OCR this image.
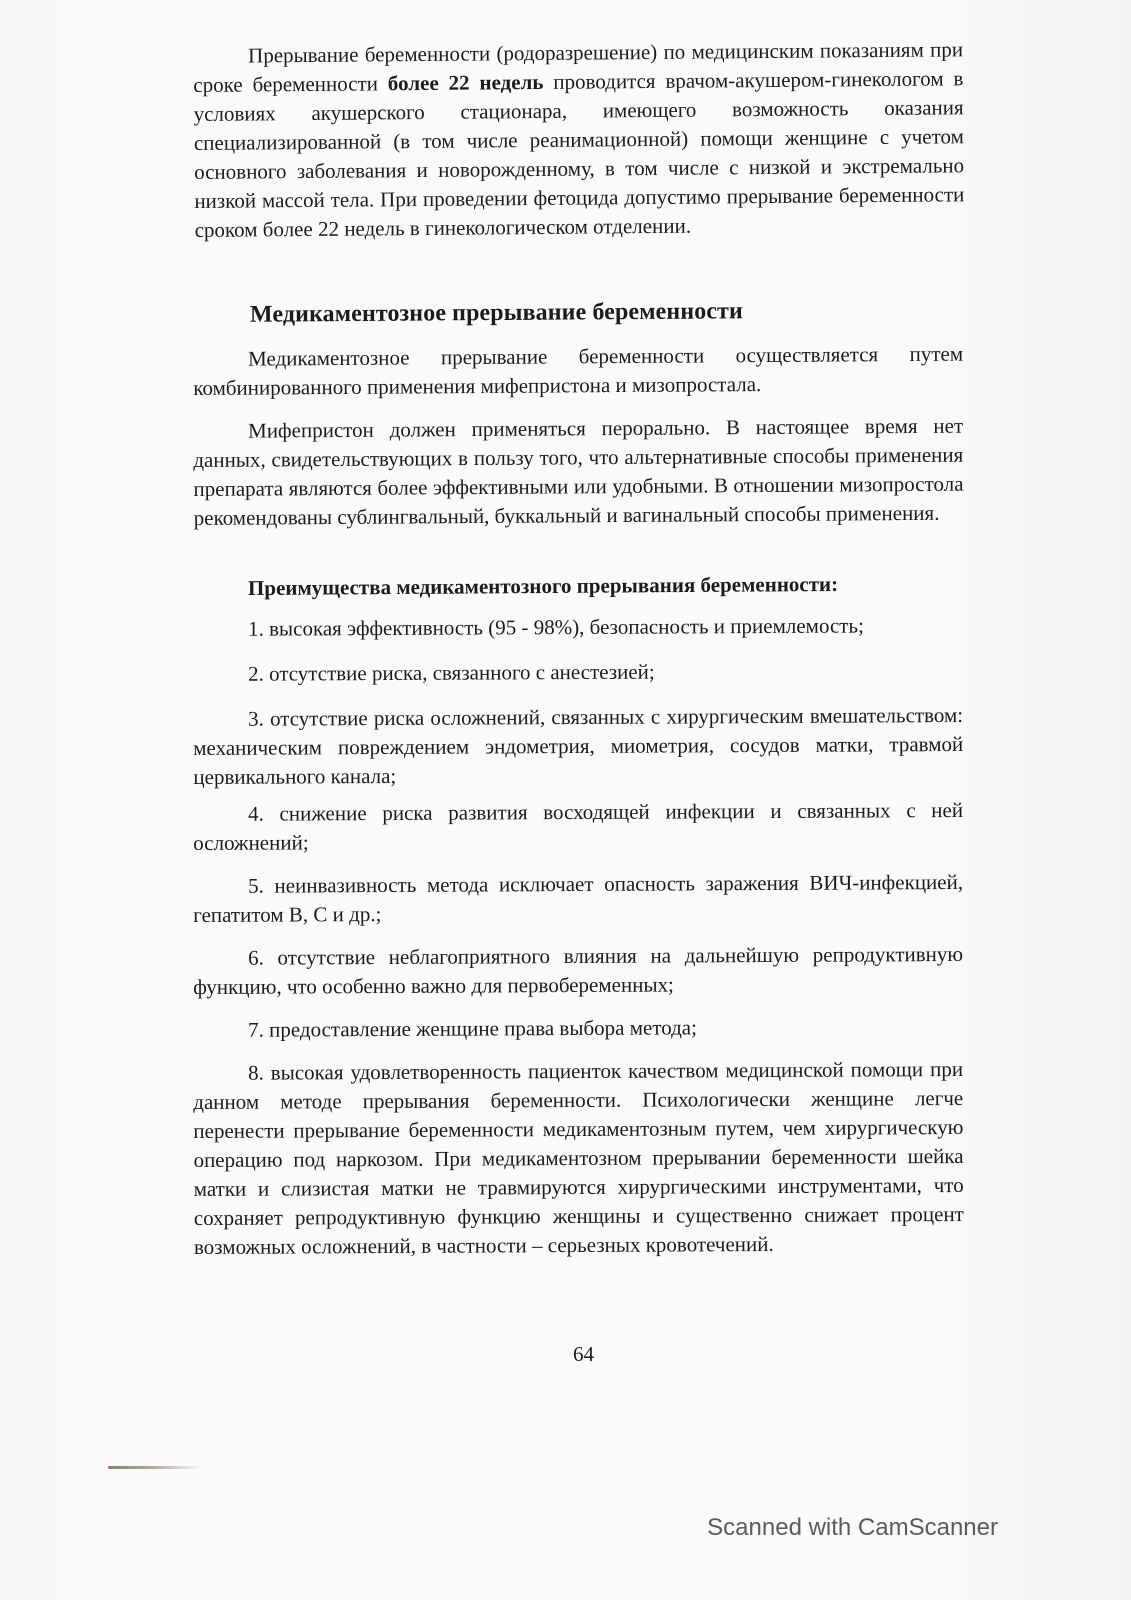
Прерывание беременности (родоразрешение) по медицинским показаниям при сроке беременности более 22 недель проводится врачом-акушером-гинекологом в условиях акушерского стационара, имеющего возможность оказания специализированной (в том числе реанимационной) помощи женщине с учетом основного заболевания и новорожденному, в том числе с низкой и экстремально низкой массой тела. При проведении фетоцида допустимо прерывание беременности сроком более 22 недель в гинекологическом отделении.
Медикаментозное прерывание беременности
Медикаментозное прерывание беременности осуществляется путем комбинированного применения мифепристона и мизопростала.
Мифепристон должен применяться перорально. В настоящее время нет данных, свидетельствующих в пользу того, что альтернативные способы применения препарата являются более эффективными или удобными. В отношении мизопростола рекомендованы сублингвальный, буккальный и вагинальный способы применения.
Преимущества медикаментозного прерывания беременности:
1. высокая эффективность (95 - 98%), безопасность и приемлемость;
2. отсутствие риска, связанного с анестезией;
3. отсутствие риска осложнений, связанных с хирургическим вмешательством: механическим повреждением эндометрия, миометрия, сосудов матки, травмой цервикального канала;
4. снижение риска развития восходящей инфекции и связанных с ней осложнений;
5. неинвазивность метода исключает опасность заражения ВИЧ-инфекцией, гепатитом В, С и др.;
6. отсутствие неблагоприятного влияния на дальнейшую репродуктивную функцию, что особенно важно для первобеременных;
7. предоставление женщине права выбора метода;
8. высокая удовлетворенность пациенток качеством медицинской помощи при данном методе прерывания беременности. Психологически женщине легче перенести прерывание беременности медикаментозным путем, чем хирургическую операцию под наркозом. При медикаментозном прерывании беременности шейка матки и слизистая матки не травмируются хирургическими инструментами, что сохраняет репродуктивную функцию женщины и существенно снижает процент возможных осложнений, в частности – серьезных кровотечений.
64
Scanned with CamScanner
